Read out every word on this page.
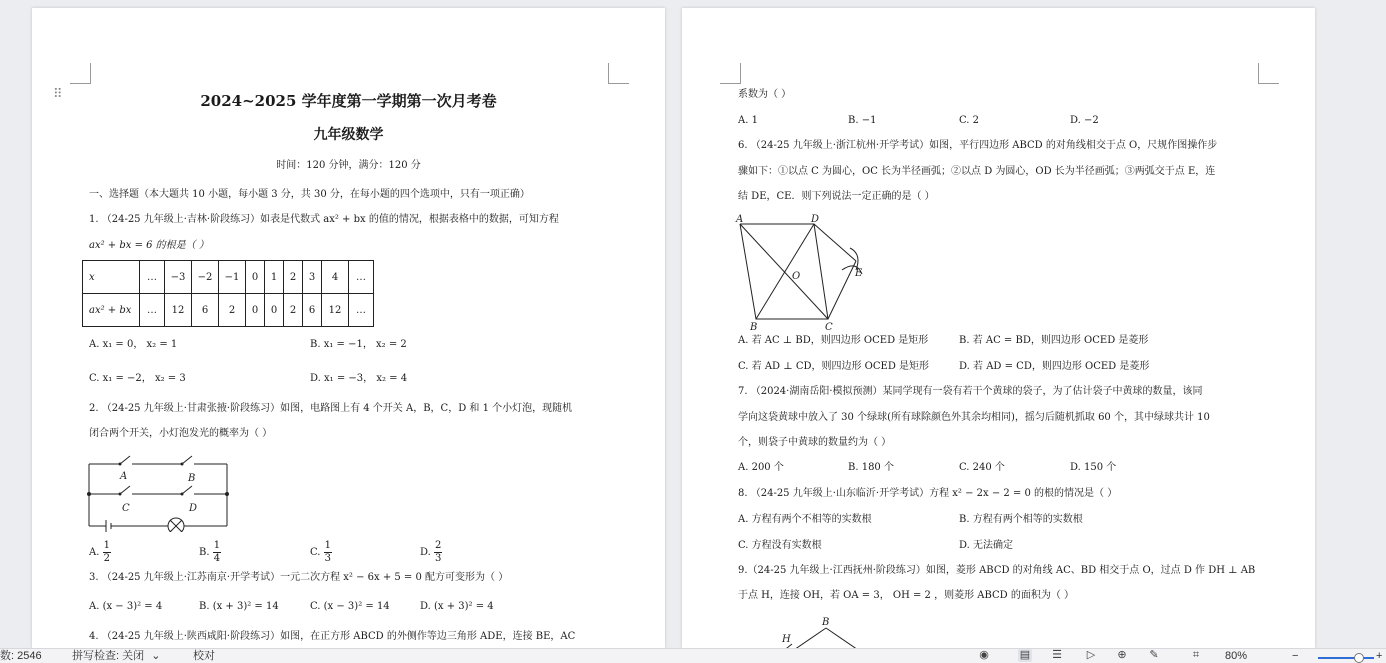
⠿	2024~2025 学年度第一学期第一次月考卷
九年级数学
时间：120 分钟，满分：120 分
一、选择题（本大题共 10 小题，每小题 3 分，共 30 分，在每小题的四个选项中，只有一项正确）
1. （24-25 九年级上·吉林·阶段练习）如表是代数式 ax² + bx 的值的情况，根据表格中的数据，可知方程
ax² + bx = 6 的根是（ ）
x	…	−3	−2	−1	0	1	2	3	4	…
ax² + bx	…	12	6	2	0	0	2	6	12	…
A. x₁ = 0， x₂ = 1	B. x₁ = −1， x₂ = 2
C. x₁ = −2， x₂ = 3	D. x₁ = −3， x₂ = 4
2. （24-25 九年级上·甘肃张掖·阶段练习）如图，电路图上有 4 个开关 A，B，C，D 和 1 个小灯泡，现随机
闭合两个开关，小灯泡发光的概率为（ ）
A	B
C	D
A. $\frac{1}{2}$	B. $\frac{1}{4}$	C. $\frac{1}{3}$	D. $\frac{2}{3}$
3. （24-25 九年级上·江苏南京·开学考试）一元二次方程 x² − 6x + 5 = 0 配方可变形为（ ）
A. (x − 3)² = 4	B. (x + 3)² = 14	C. (x − 3)² = 14	D. (x + 3)² = 4
4. （24-25 九年级上·陕西咸阳·阶段练习）如图，在正方形 ABCD 的外侧作等边三角形 ADE，连接 BE，AC
系数为（ ）
A. 1	B. −1	C. 2	D. −2
6. （24-25 九年级上·浙江杭州·开学考试）如图，平行四边形 ABCD 的对角线相交于点 O，尺规作图操作步
骤如下：①以点 C 为圆心，OC 长为半径画弧；②以点 D 为圆心，OD 长为半径画弧；③两弧交于点 E，连
结 DE，CE．则下列说法一定正确的是（ ）
A	D
O	E
B	C
A. 若 AC ⊥ BD，则四边形 OCED 是矩形	B. 若 AC = BD，则四边形 OCED 是菱形
C. 若 AD ⊥ CD，则四边形 OCED 是矩形	D. 若 AD = CD，则四边形 OCED 是菱形
7. （2024·湖南岳阳·模拟预测）某同学现有一袋有若干个黄球的袋子，为了估计袋子中黄球的数量，该同
学向这袋黄球中放入了 30 个绿球(所有球除颜色外其余均相同)，摇匀后随机抓取 60 个，其中绿球共计 10
个，则袋子中黄球的数量约为（ ）
A. 200 个	B. 180 个	C. 240 个	D. 150 个
8. （24-25 九年级上·山东临沂·开学考试）方程 x² − 2x − 2 = 0 的根的情况是（ ）
A. 方程有两个不相等的实数根	B. 方程有两个相等的实数根
C. 方程没有实数根	D. 无法确定
9.（24-25 九年级上·江西抚州·阶段练习）如图，菱形 ABCD 的对角线 AC、BD 相交于点 O，过点 D 作 DH ⊥ AB
于点 H，连接 OH，若 OA = 3， OH = 2 ，则菱形 ABCD 的面积为（ ）
H
B
数: 2546	拼写检查: 关闭 ⌄	校对	◉	▤ ☰ ▷ ⊕ ✎	⌗	80%	−	+
